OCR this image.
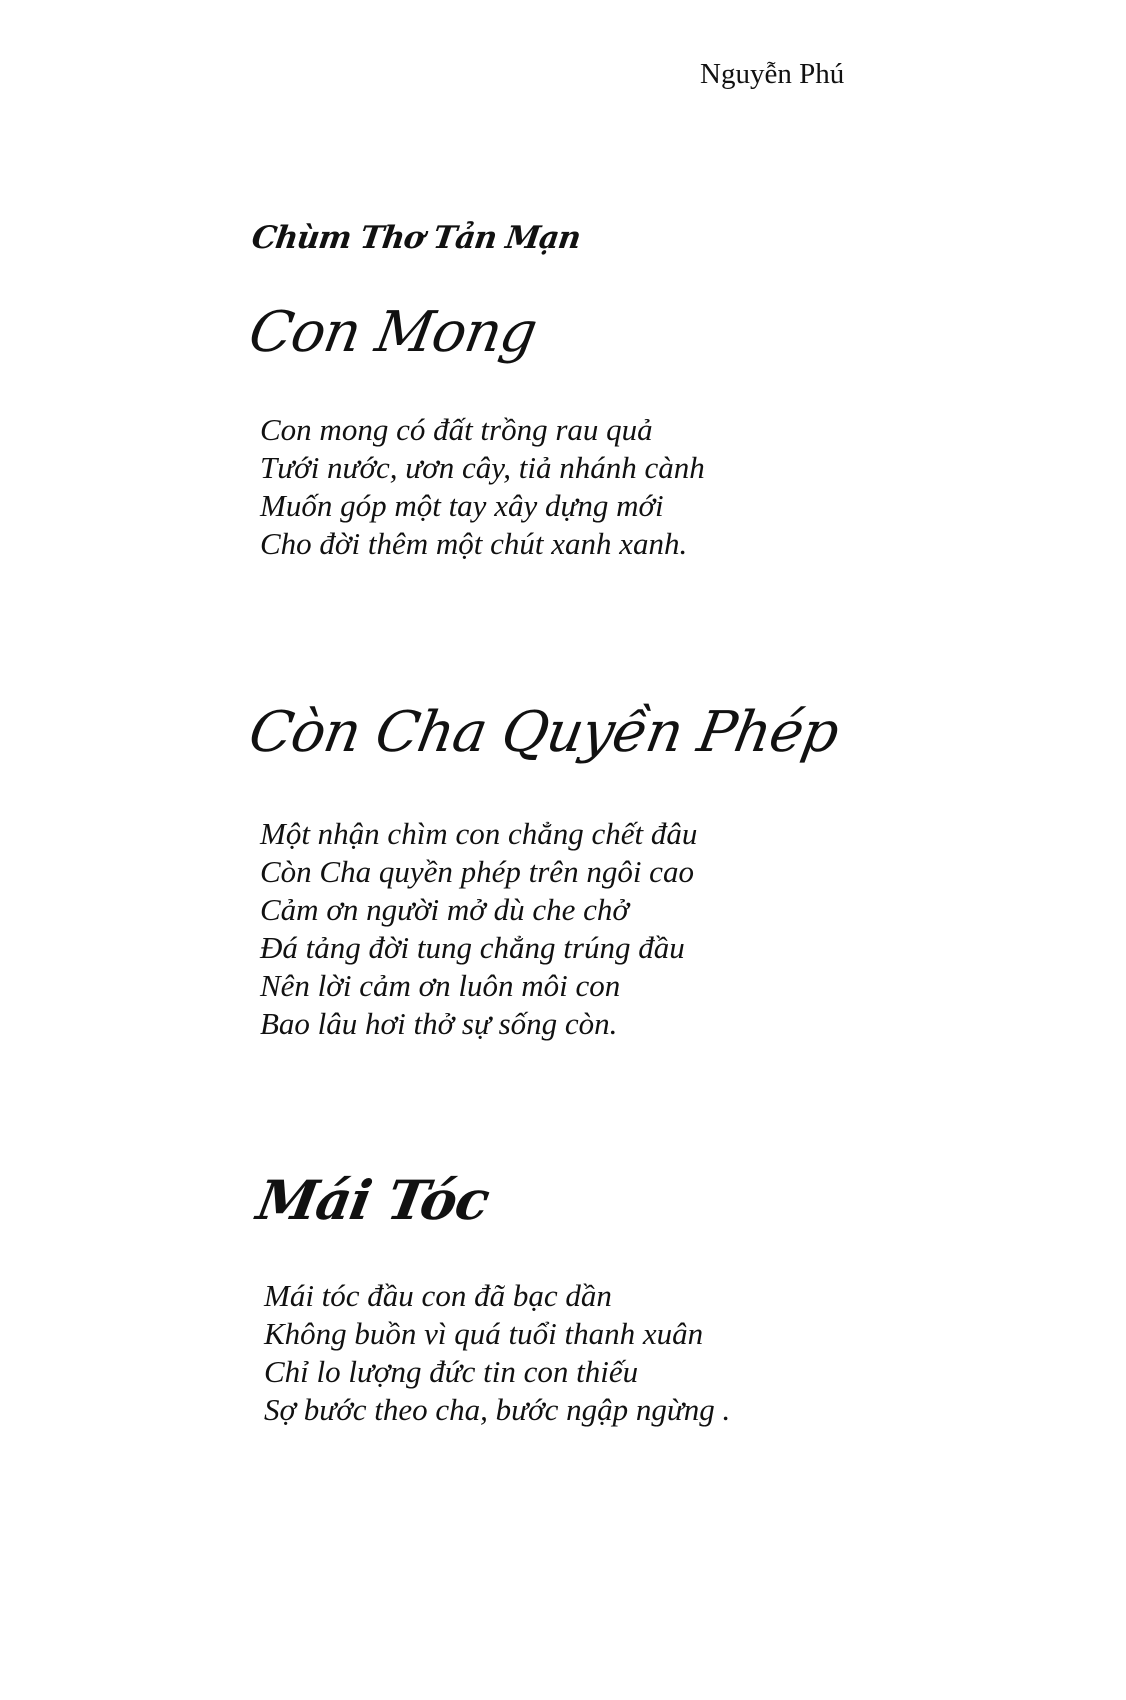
Nguyễn Phú
Chùm Thơ Tản Mạn
Con Mong
Con mong có đất trồng rau quả
Tưới nước, ươn cây, tiả nhánh cành
Muốn góp một tay xây dựng mới
Cho đời thêm một chút xanh xanh.
Còn Cha Quyền Phép
Một nhận chìm con chẳng chết đâu
Còn Cha quyền phép trên ngôi cao
Cảm ơn người mở dù che chở
Đá tảng đời tung chẳng trúng đầu
Nên lời cảm ơn luôn môi con
Bao lâu hơi thở sự sống còn.
Mái Tóc
Mái tóc đầu con đã bạc dần
Không buồn vì quá tuổi thanh xuân
Chỉ lo lượng đức tin con thiếu
Sợ bước theo cha, bước ngập ngừng .
